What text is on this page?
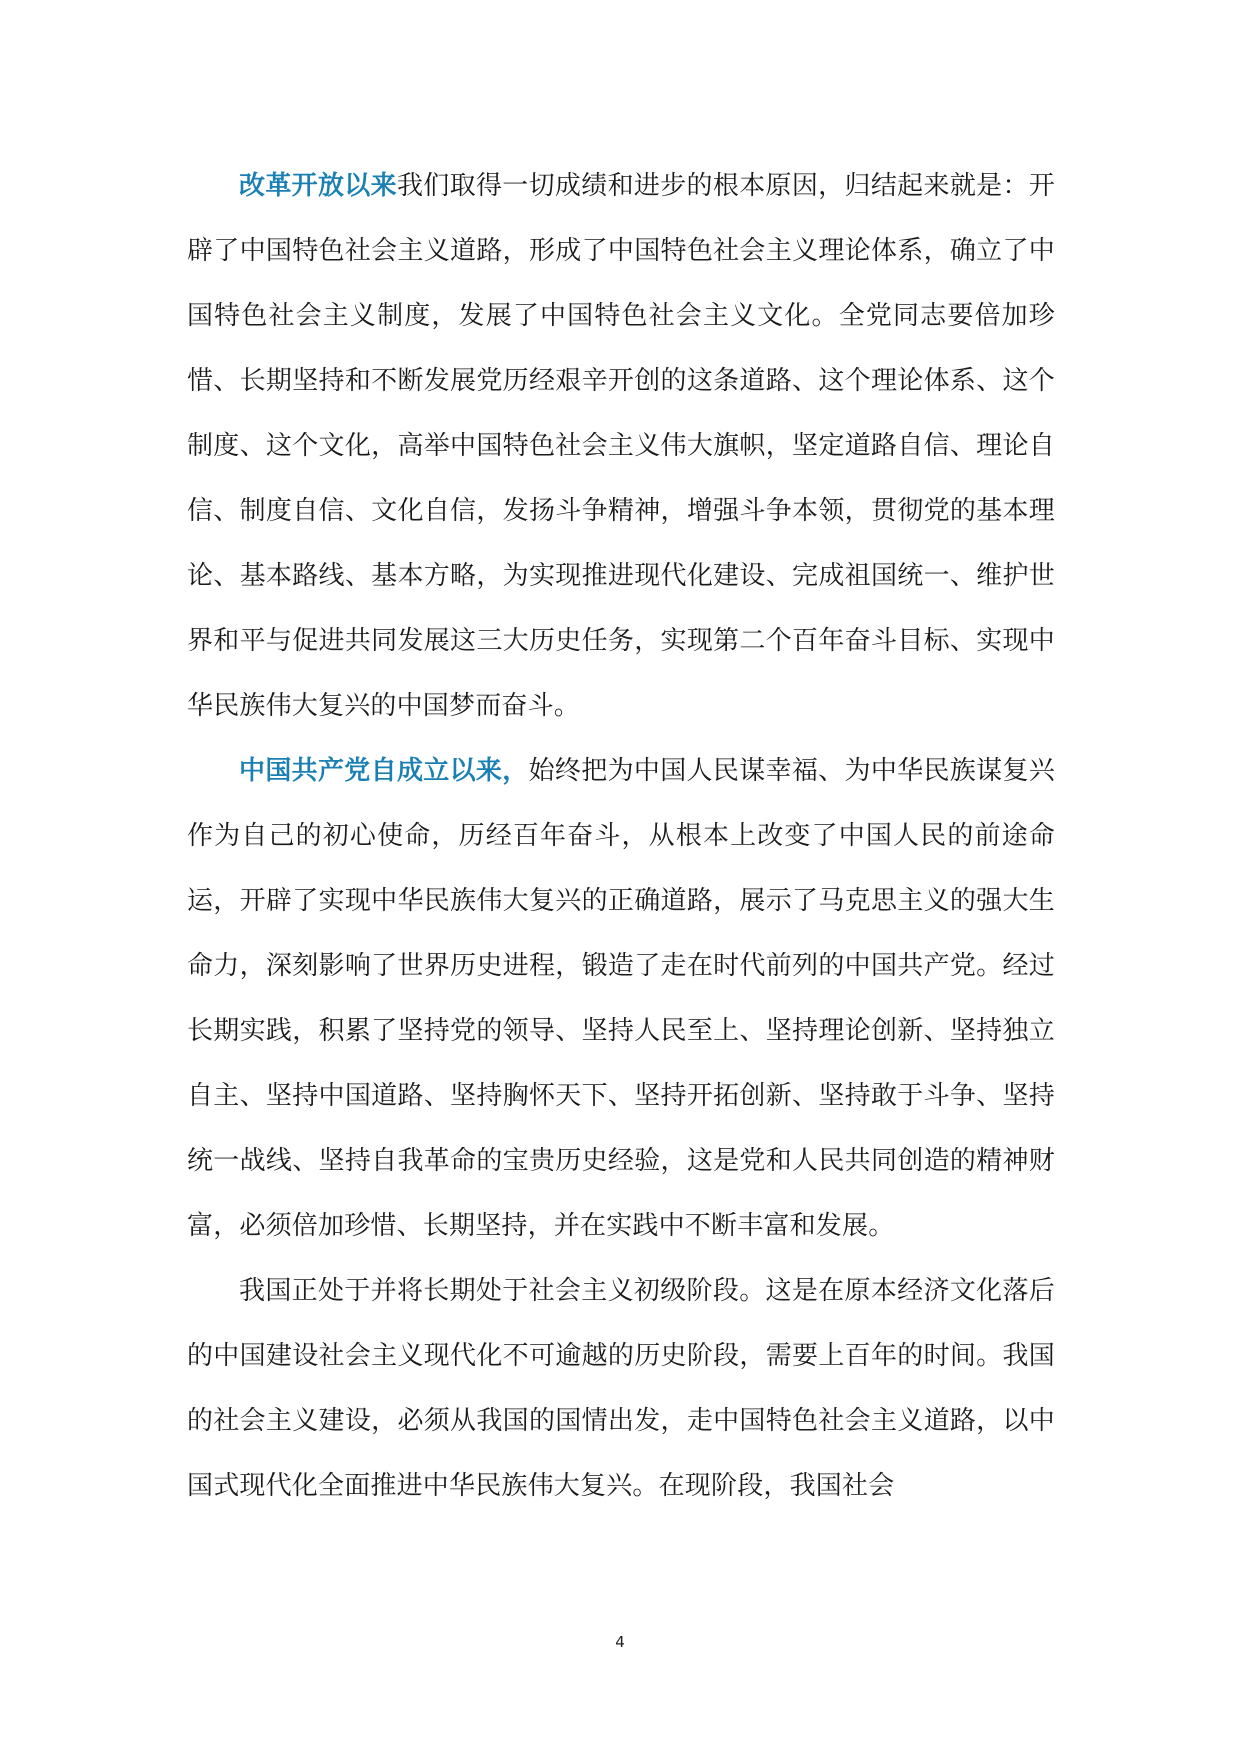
改革开放以来我们取得一切成绩和进步的根本原因，归结起来就是：开辟了中国特色社会主义道路，形成了中国特色社会主义理论体系，确立了中国特色社会主义制度，发展了中国特色社会主义文化。全党同志要倍加珍惜、长期坚持和不断发展党历经艰辛开创的这条道路、这个理论体系、这个制度、这个文化，高举中国特色社会主义伟大旗帜，坚定道路自信、理论自信、制度自信、文化自信，发扬斗争精神，增强斗争本领，贯彻党的基本理论、基本路线、基本方略，为实现推进现代化建设、完成祖国统一、维护世界和平与促进共同发展这三大历史任务，实现第二个百年奋斗目标、实现中华民族伟大复兴的中国梦而奋斗。

中国共产党自成立以来，始终把为中国人民谋幸福、为中华民族谋复兴作为自己的初心使命，历经百年奋斗，从根本上改变了中国人民的前途命运，开辟了实现中华民族伟大复兴的正确道路，展示了马克思主义的强大生命力，深刻影响了世界历史进程，锻造了走在时代前列的中国共产党。经过长期实践，积累了坚持党的领导、坚持人民至上、坚持理论创新、坚持独立自主、坚持中国道路、坚持胸怀天下、坚持开拓创新、坚持敢于斗争、坚持统一战线、坚持自我革命的宝贵历史经验，这是党和人民共同创造的精神财富，必须倍加珍惜、长期坚持，并在实践中不断丰富和发展。

我国正处于并将长期处于社会主义初级阶段。这是在原本经济文化落后的中国建设社会主义现代化不可逾越的历史阶段，需要上百年的时间。我国的社会主义建设，必须从我国的国情出发，走中国特色社会主义道路，以中国式现代化全面推进中华民族伟大复兴。在现阶段，我国社会

4
